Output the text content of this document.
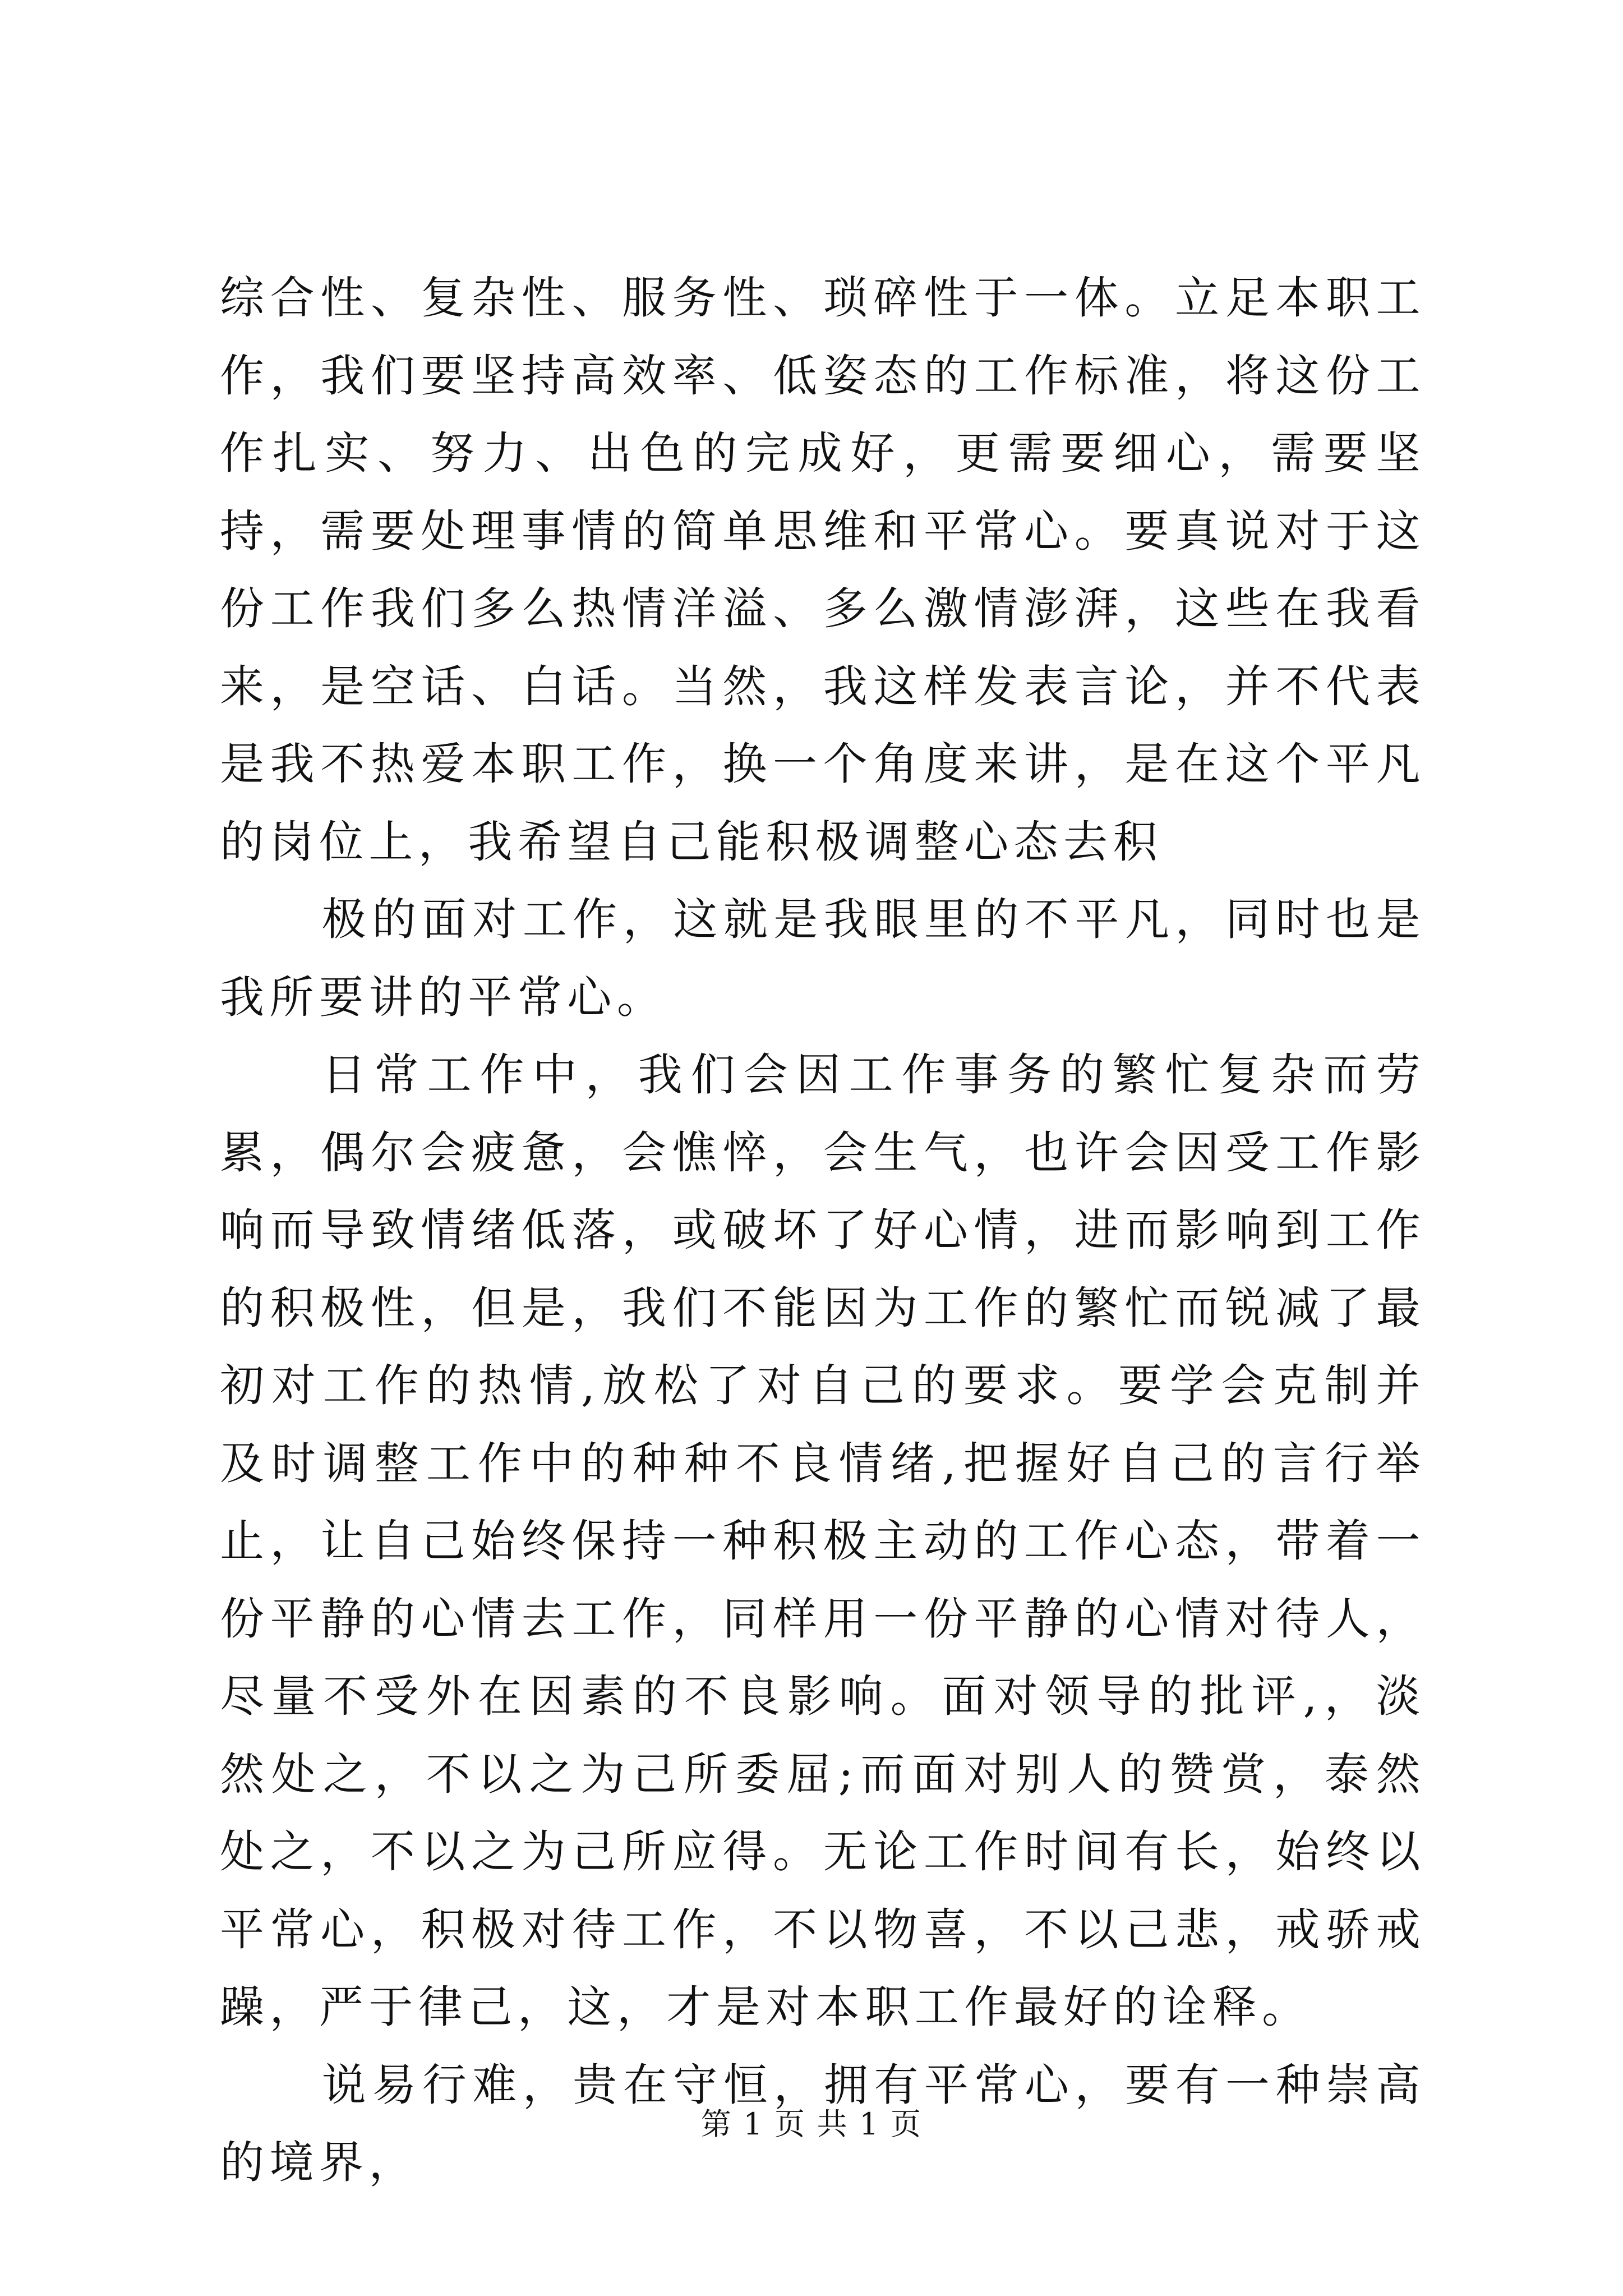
综合性、复杂性、服务性、琐碎性于一体。立足本职工作，我们要坚持高效率、低姿态的工作标准，将这份工作扎实、努力、出色的完成好，更需要细心，需要坚持，需要处理事情的简单思维和平常心。要真说对于这份工作我们多么热情洋溢、多么激情澎湃，这些在我看来，是空话、白话。当然，我这样发表言论，并不代表是我不热爱本职工作，换一个角度来讲，是在这个平凡的岗位上，我希望自己能积极调整心态去积

极的面对工作，这就是我眼里的不平凡，同时也是我所要讲的平常心。

日常工作中，我们会因工作事务的繁忙复杂而劳累，偶尔会疲惫，会憔悴，会生气，也许会因受工作影响而导致情绪低落，或破坏了好心情，进而影响到工作的积极性，但是，我们不能因为工作的繁忙而锐减了最初对工作的热情,放松了对自己的要求。要学会克制并及时调整工作中的种种不良情绪,把握好自己的言行举止，让自己始终保持一种积极主动的工作心态，带着一份平静的心情去工作，同样用一份平静的心情对待人，尽量不受外在因素的不良影响。面对领导的批评,，淡然处之，不以之为己所委屈;而面对别人的赞赏，泰然处之，不以之为己所应得。无论工作时间有长，始终以平常心，积极对待工作，不以物喜，不以己悲，戒骄戒躁，严于律己，这，才是对本职工作最好的诠释。

说易行难，贵在守恒，拥有平常心，要有一种崇高的境界，

第 1 页 共 1 页
